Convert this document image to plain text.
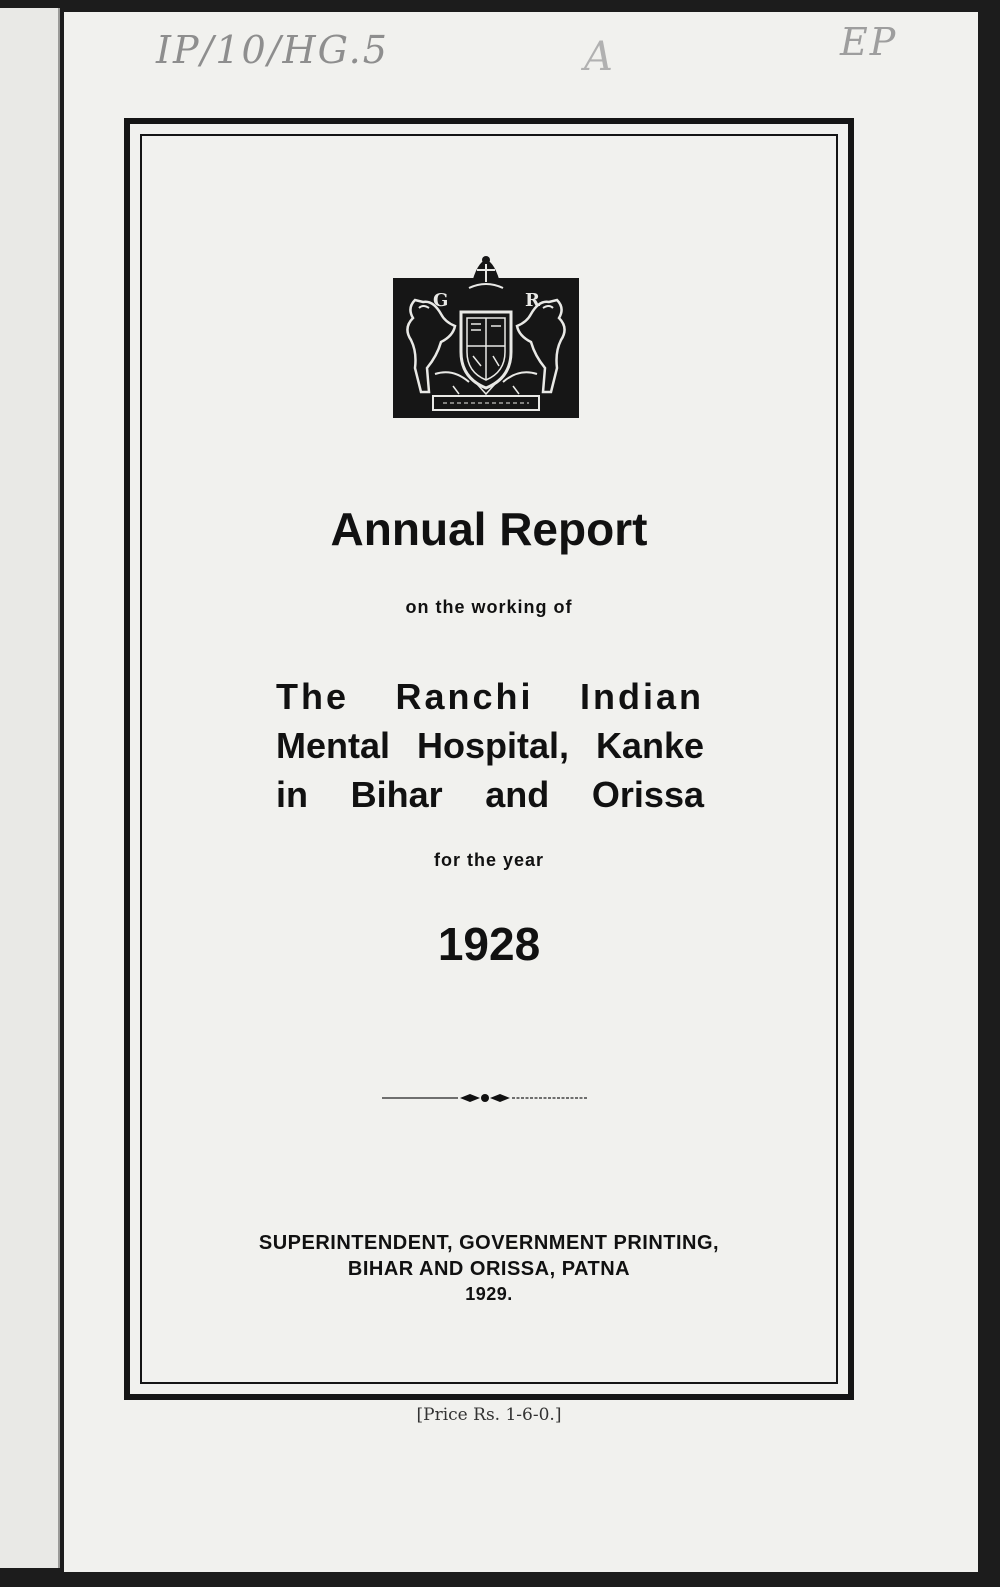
IP/10/HG.5	A	EP
G	R
Annual Report

on the working of

The Ranchi Indian
Mental Hospital, Kanke
in Bihar and Orissa

for the year

1928

SUPERINTENDENT, GOVERNMENT PRINTING,

BIHAR AND ORISSA, PATNA

1929.

[Price Rs. 1-6-0.]
